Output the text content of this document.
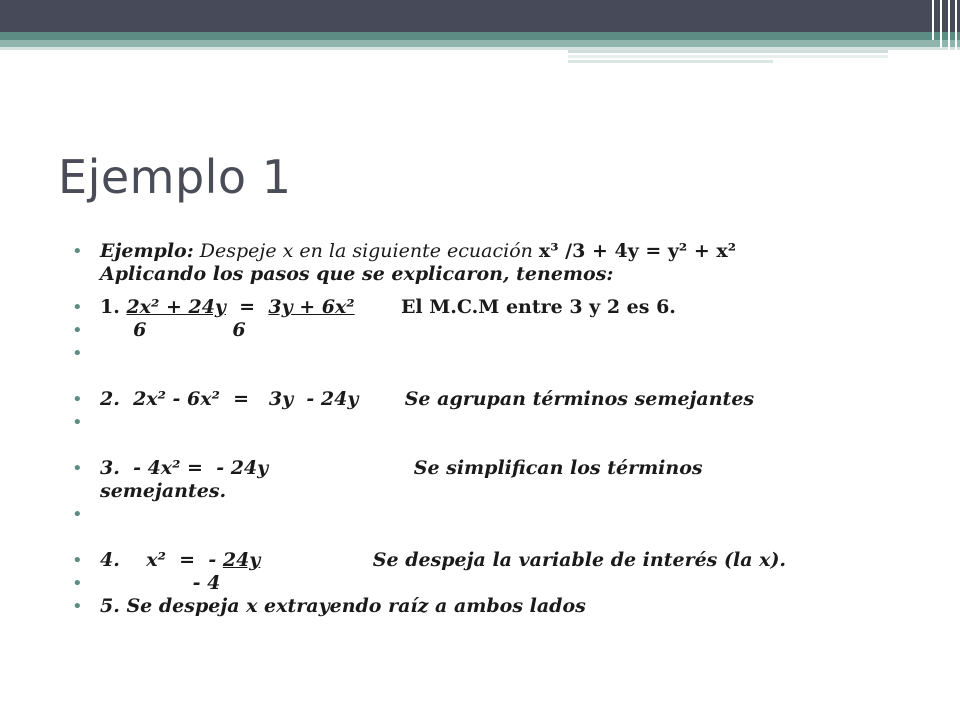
Ejemplo 1

• Ejemplo: Despeje x en la siguiente ecuación x³ /3 + 4y = y² + x²
Aplicando los pasos que se explicaron, tenemos:

• 1. 2x² + 24y  =  3y + 6x² El M.C.M entre 3 y 2 es 6.

• 6	6

•

• 2.  2x² - 6x²  =   3y  - 24y Se agrupan términos semejantes

•

• 3.  - 4x² =  - 24y	Se simplifican los términos
semejantes.

•

• 4.    x²  =  - 24y	Se despeja la variable de interés (la x).

• - 4

• 5. Se despeja x extrayendo raíz a ambos lados
